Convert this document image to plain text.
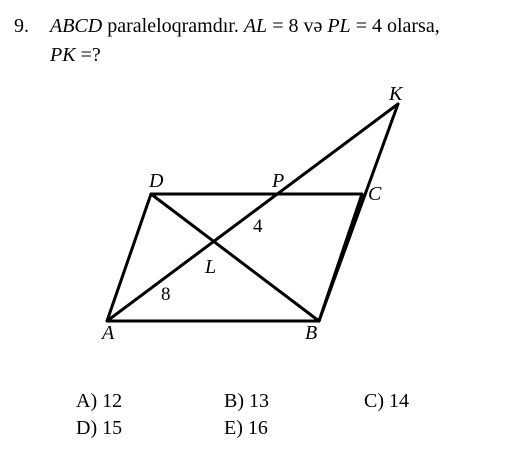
9. ABCD paraleloqramdır. AL = 8 və PL = 4 olarsa,
PK =?
D	P
C
K
L
A	B
8
4
A) 12	B) 13	C) 14
D) 15	E) 16
